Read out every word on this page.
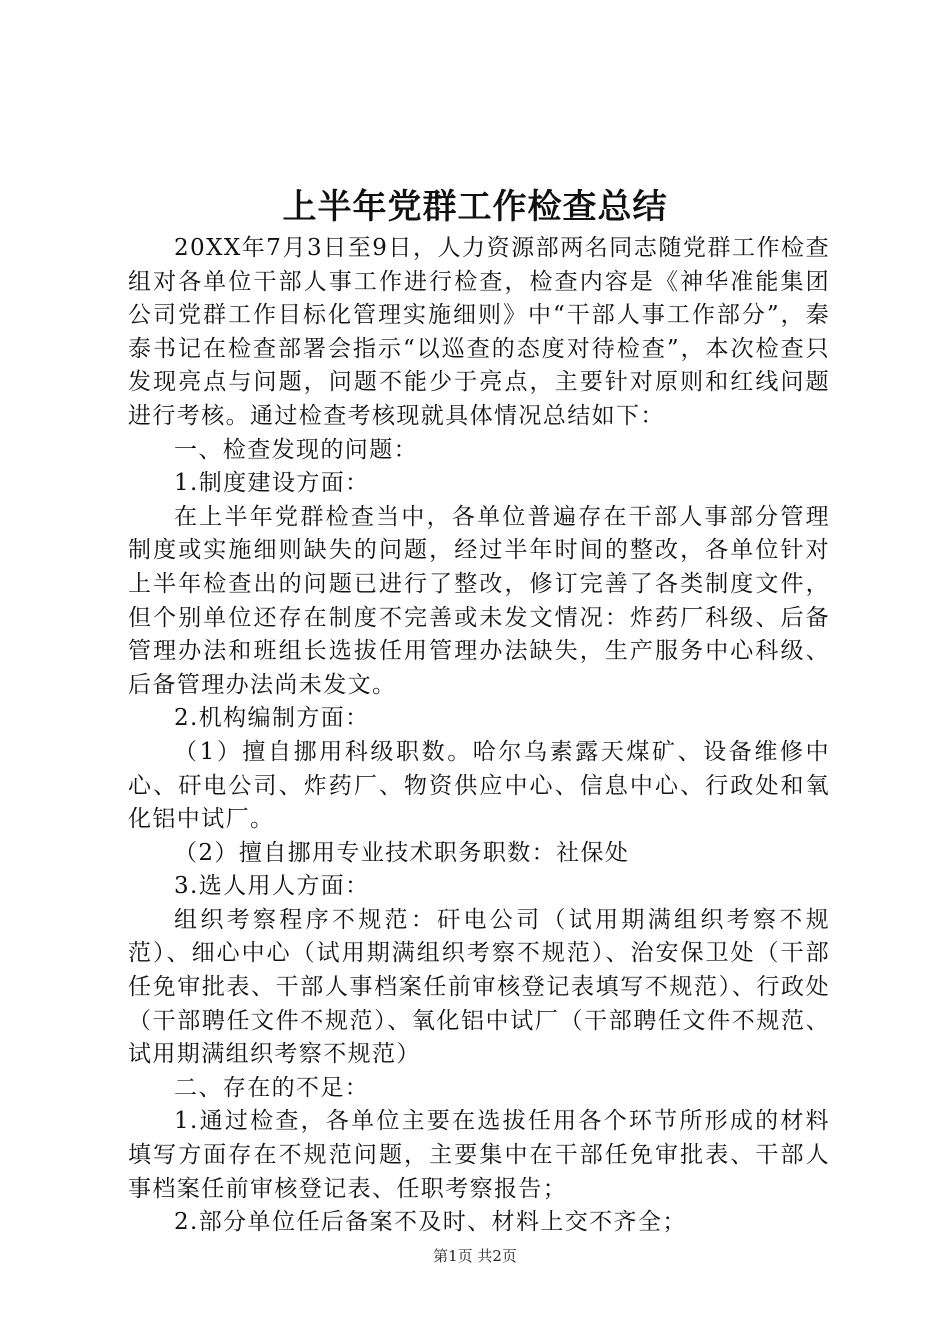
上半年党群工作检查总结

20XX年7月3日至9日，人力资源部两名同志随党群工作检查组对各单位干部人事工作进行检查，检查内容是《神华准能集团公司党群工作目标化管理实施细则》中“干部人事工作部分”，秦泰书记在检查部署会指示“以巡查的态度对待检查”，本次检查只发现亮点与问题，问题不能少于亮点，主要针对原则和红线问题进行考核。通过检查考核现就具体情况总结如下：

一、检查发现的问题：

1.制度建设方面：

在上半年党群检查当中，各单位普遍存在干部人事部分管理制度或实施细则缺失的问题，经过半年时间的整改，各单位针对上半年检查出的问题已进行了整改，修订完善了各类制度文件，但个别单位还存在制度不完善或未发文情况：炸药厂科级、后备管理办法和班组长选拔任用管理办法缺失，生产服务中心科级、后备管理办法尚未发文。

2.机构编制方面：

（1）擅自挪用科级职数。哈尔乌素露天煤矿、设备维修中心、矸电公司、炸药厂、物资供应中心、信息中心、行政处和氧化铝中试厂。

（2）擅自挪用专业技术职务职数：社保处

3.选人用人方面：

组织考察程序不规范：矸电公司（试用期满组织考察不规范）、细心中心（试用期满组织考察不规范）、治安保卫处（干部任免审批表、干部人事档案任前审核登记表填写不规范）、行政处（干部聘任文件不规范）、氧化铝中试厂（干部聘任文件不规范、试用期满组织考察不规范）

二、存在的不足：

1.通过检查，各单位主要在选拔任用各个环节所形成的材料填写方面存在不规范问题，主要集中在干部任免审批表、干部人事档案任前审核登记表、任职考察报告；

2.部分单位任后备案不及时、材料上交不齐全；

第1页 共2页
